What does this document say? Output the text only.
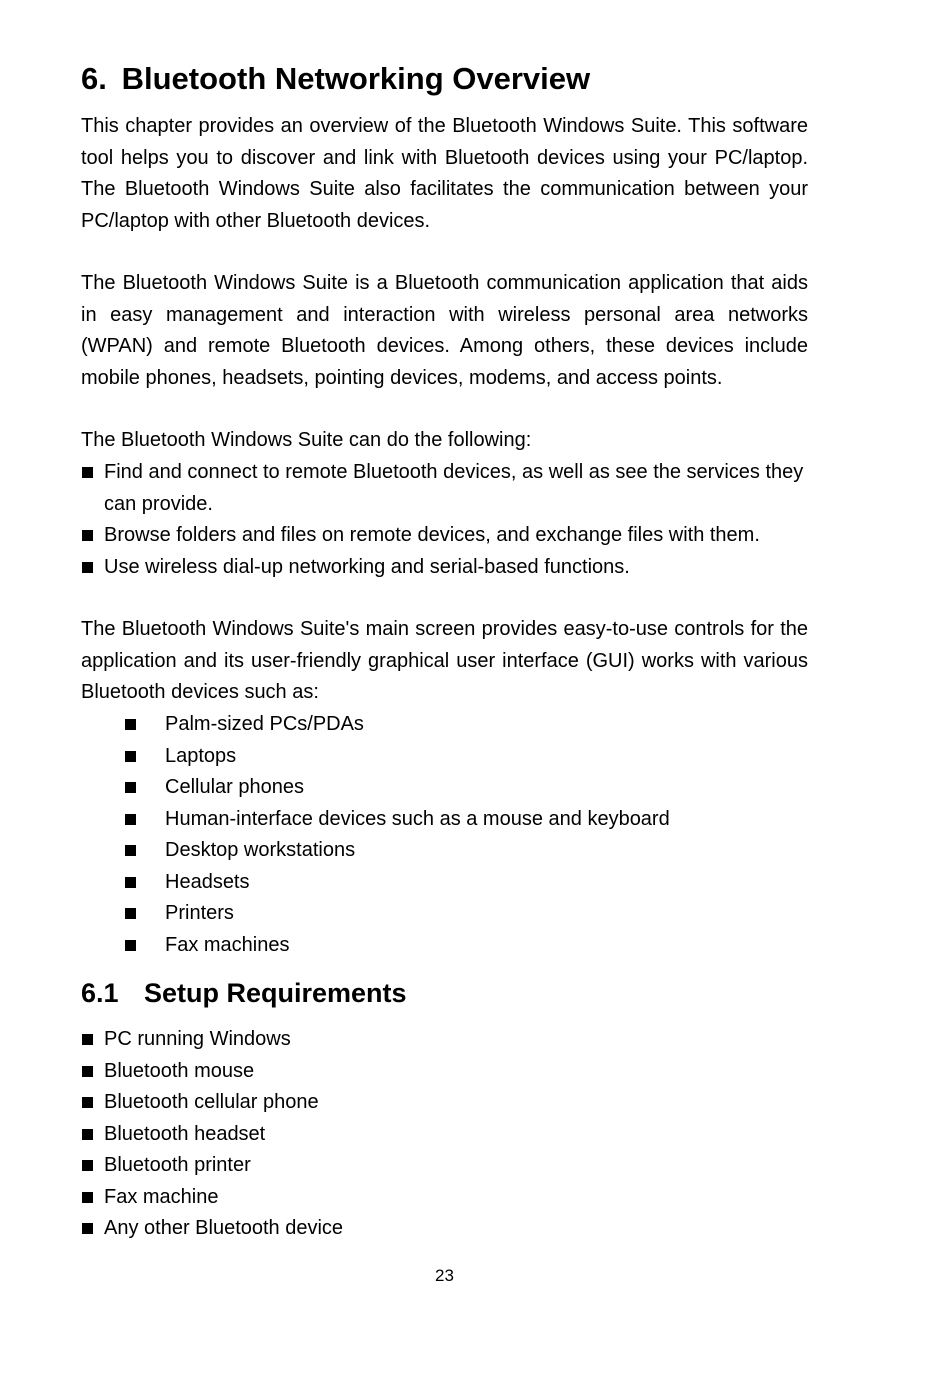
6. Bluetooth Networking Overview

This chapter provides an overview of the Bluetooth Windows Suite. This software tool helps you to discover and link with Bluetooth devices using your PC/laptop. The Bluetooth Windows Suite also facilitates the communication between your PC/laptop with other Bluetooth devices.

The Bluetooth Windows Suite is a Bluetooth communication application that aids in easy management and interaction with wireless personal area networks (WPAN) and remote Bluetooth devices. Among others, these devices include mobile phones, headsets, pointing devices, modems, and access points.

The Bluetooth Windows Suite can do the following:

Find and connect to remote Bluetooth devices, as well as see the services they can provide.
Browse folders and files on remote devices, and exchange files with them.
Use wireless dial-up networking and serial-based functions.

The Bluetooth Windows Suite's main screen provides easy-to-use controls for the application and its user-friendly graphical user interface (GUI) works with various Bluetooth devices such as:

Palm-sized PCs/PDAs
Laptops
Cellular phones
Human-interface devices such as a mouse and keyboard
Desktop workstations
Headsets
Printers
Fax machines
6.1 Setup Requirements
PC running Windows
Bluetooth mouse
Bluetooth cellular phone
Bluetooth headset
Bluetooth printer
Fax machine
Any other Bluetooth device
23
